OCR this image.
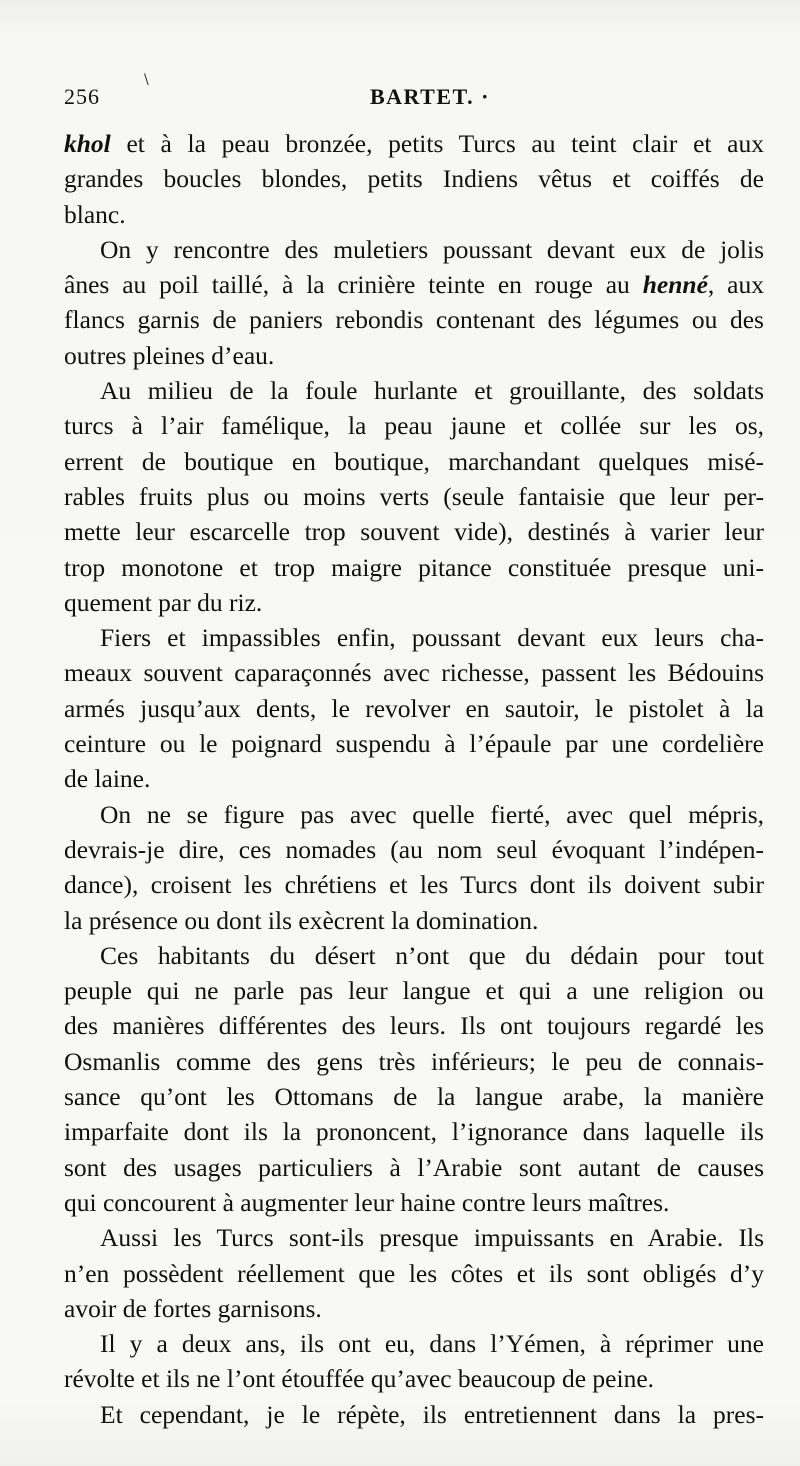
\
256	BARTET. ·
khol et à la peau bronzée, petits Turcs au teint clair et aux
grandes boucles blondes, petits Indiens vêtus et coiffés de
blanc.
On y rencontre des muletiers poussant devant eux de jolis
ânes au poil taillé, à la crinière teinte en rouge au henné, aux
flancs garnis de paniers rebondis contenant des légumes ou des
outres pleines d’eau.
Au milieu de la foule hurlante et grouillante, des soldats
turcs à l’air famélique, la peau jaune et collée sur les os,
errent de boutique en boutique, marchandant quelques misé-
rables fruits plus ou moins verts (seule fantaisie que leur per-
mette leur escarcelle trop souvent vide), destinés à varier leur
trop monotone et trop maigre pitance constituée presque uni-
quement par du riz.
Fiers et impassibles enfin, poussant devant eux leurs cha-
meaux souvent caparaçonnés avec richesse, passent les Bédouins
armés jusqu’aux dents, le revolver en sautoir, le pistolet à la
ceinture ou le poignard suspendu à l’épaule par une cordelière
de laine.
On ne se figure pas avec quelle fierté, avec quel mépris,
devrais-je dire, ces nomades (au nom seul évoquant l’indépen-
dance), croisent les chrétiens et les Turcs dont ils doivent subir
la présence ou dont ils exècrent la domination.
Ces habitants du désert n’ont que du dédain pour tout
peuple qui ne parle pas leur langue et qui a une religion ou
des manières différentes des leurs. Ils ont toujours regardé les
Osmanlis comme des gens très inférieurs; le peu de connais-
sance qu’ont les Ottomans de la langue arabe, la manière
imparfaite dont ils la prononcent, l’ignorance dans laquelle ils
sont des usages particuliers à l’Arabie sont autant de causes
qui concourent à augmenter leur haine contre leurs maîtres.
Aussi les Turcs sont-ils presque impuissants en Arabie. Ils
n’en possèdent réellement que les côtes et ils sont obligés d’y
avoir de fortes garnisons.
Il y a deux ans, ils ont eu, dans l’Yémen, à réprimer une
révolte et ils ne l’ont étouffée qu’avec beaucoup de peine.
Et cependant, je le répète, ils entretiennent dans la pres-
